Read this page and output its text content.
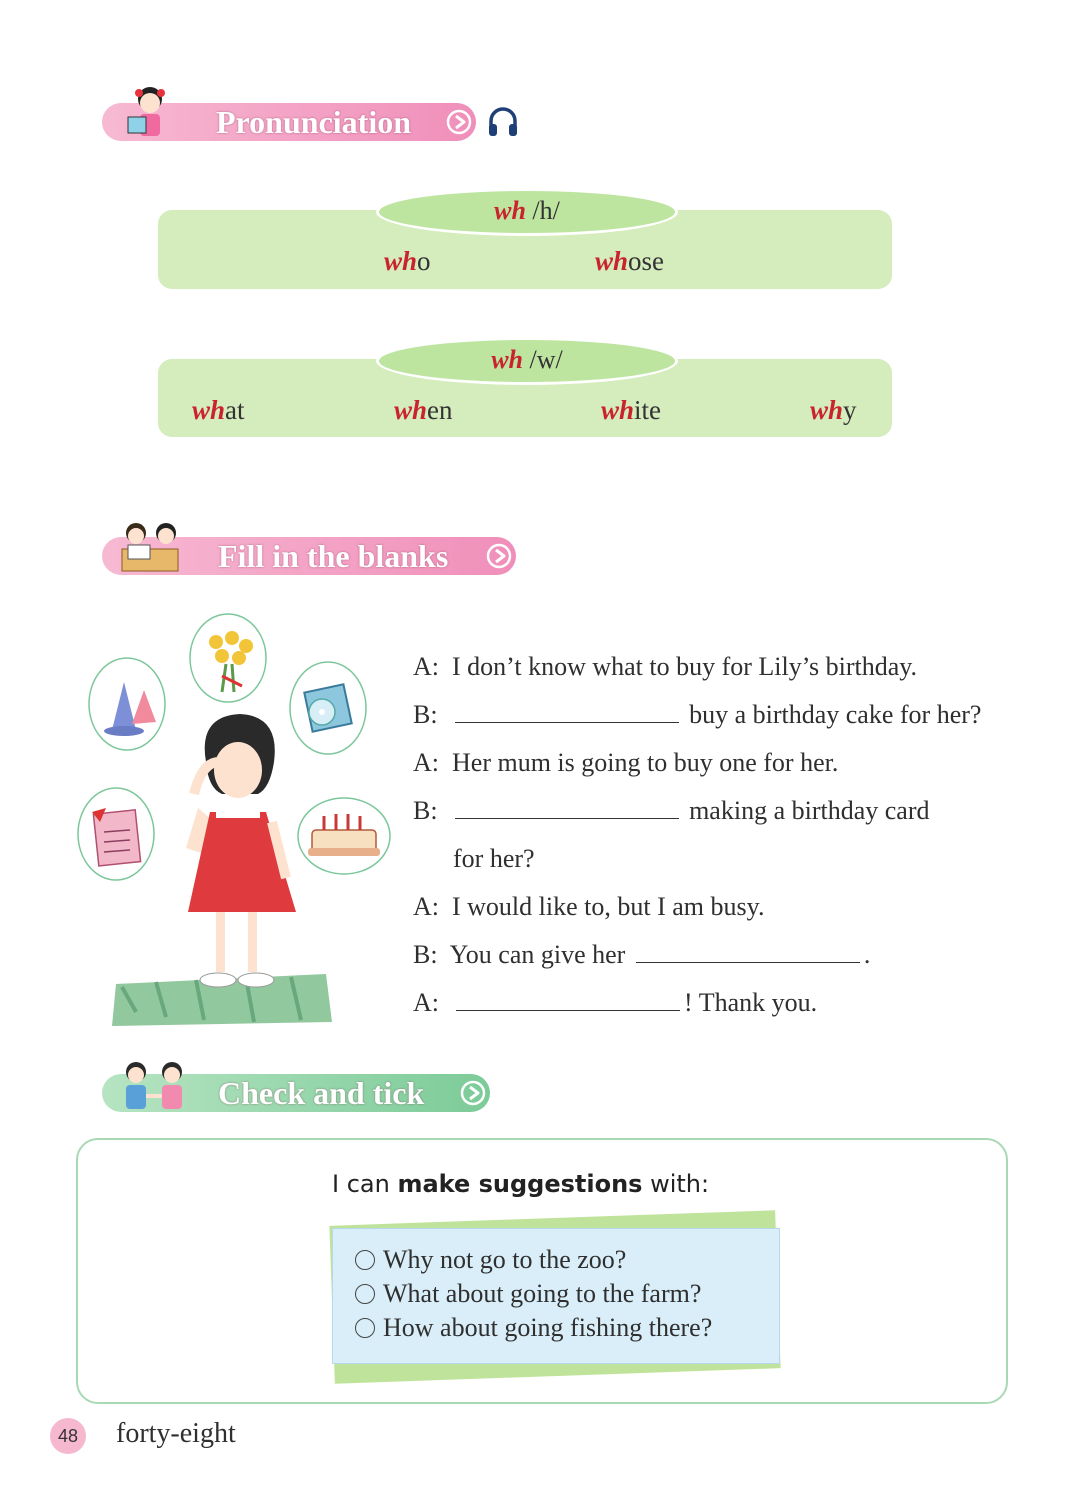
Pronunciation
who	whose
wh /h/
what	when	white	why
wh /w/
Fill in the blanks
A: I don’t know what to buy for Lily’s birthday.
B:	buy a birthday cake for her?
A: Her mum is going to buy one for her.
B:	making a birthday card
for her?
A: I would like to, but I am busy.
B: You can give her	.
A:	! Thank you.
Check and tick
I can make suggestions with:
Why not go to the zoo?
What about going to the farm?
How about going fishing there?
48 forty-eight
